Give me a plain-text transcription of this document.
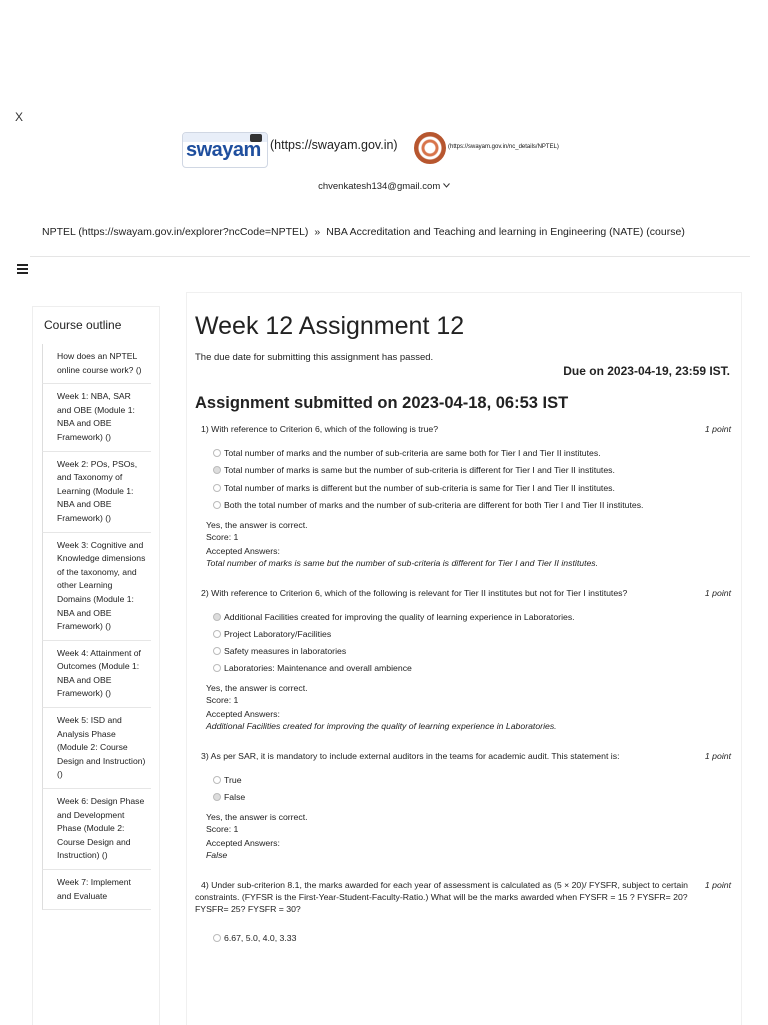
X
swayam (https://swayam.gov.in)	(https://swayam.gov.in/nc_details/NPTEL)
chvenkatesh134@gmail.com
NPTEL (https://swayam.gov.in/explorer?ncCode=NPTEL) » NBA Accreditation and Teaching and learning in Engineering (NATE) (course)
Course outline
How does an NPTEL online course work? ()
Week 1: NBA, SAR and OBE (Module 1: NBA and OBE Framework) ()
Week 2: POs, PSOs, and Taxonomy of Learning (Module 1: NBA and OBE Framework) ()
Week 3: Cognitive and Knowledge dimensions of the taxonomy, and other Learning Domains (Module 1: NBA and OBE Framework) ()
Week 4: Attainment of Outcomes (Module 1: NBA and OBE Framework) ()
Week 5: ISD and Analysis Phase (Module 2: Course Design and Instruction) ()
Week 6: Design Phase and Development Phase (Module 2: Course Design and Instruction) ()
Week 7: Implement and Evaluate
Week 12 Assignment 12
The due date for submitting this assignment has passed.
Due on 2023-04-19, 23:59 IST.
Assignment submitted on 2023-04-18, 06:53 IST
1) With reference to Criterion 6, which of the following is true?	1 point
Total number of marks and the number of sub-criteria are same both for Tier I and Tier II institutes.
Total number of marks is same but the number of sub-criteria is different for Tier I and Tier II institutes.
Total number of marks is different but the number of sub-criteria is same for Tier I and Tier II institutes.
Both the total number of marks and the number of sub-criteria are different for both Tier I and Tier II institutes.
Yes, the answer is correct.
Score: 1
Accepted Answers:
Total number of marks is same but the number of sub-criteria is different for Tier I and Tier II institutes.
2) With reference to Criterion 6, which of the following is relevant for Tier II institutes but not for Tier I institutes?	1 point
Additional Facilities created for improving the quality of learning experience in Laboratories.
Project Laboratory/Facilities
Safety measures in laboratories
Laboratories: Maintenance and overall ambience
Yes, the answer is correct.
Score: 1
Accepted Answers:
Additional Facilities created for improving the quality of learning experience in Laboratories.
3) As per SAR, it is mandatory to include external auditors in the teams for academic audit. This statement is:	1 point
True
False
Yes, the answer is correct.
Score: 1
Accepted Answers:
False
4) Under sub-criterion 8.1, the marks awarded for each year of assessment is calculated as (5 × 20)/ FYSFR, subject to certain constraints. (FYFSR is the First-Year-Student-Faculty-Ratio.) What will be the marks awarded when FYSFR = 15 ? FYSFR= 20? FYSFR= 25? FYSFR = 30?
1 point
6.67, 5.0, 4.0, 3.33
